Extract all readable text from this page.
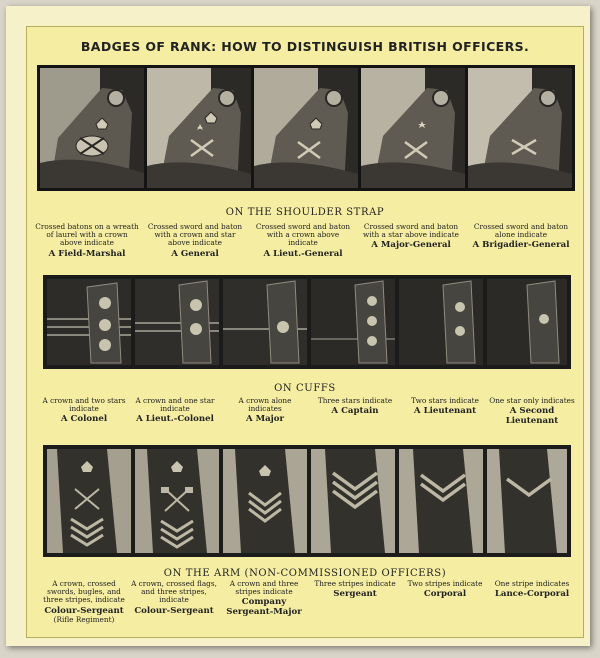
BADGES OF RANK: HOW TO DISTINGUISH BRITISH OFFICERS.
ON THE SHOULDER STRAP
Crossed batons on a wreath of laurel with a crown above indicate
A Field-Marshal
Crossed sword and baton with a crown and star above indicate
A General
Crossed sword and baton with a crown above indicate
A Lieut.-General
Crossed sword and baton with a star above indicate
A Major-General
Crossed sword and baton alone indicate
A Brigadier-General
ON CUFFS
A crown and two stars indicate
A Colonel
A crown and one star indicate
A Lieut.-Colonel
A crown alone indicates
A Major
Three stars indicate
A Captain
Two stars indicate
A Lieutenant
One star only indicates
A Second Lieutenant
ON THE ARM (NON-COMMISSIONED OFFICERS)
A crown, crossed swords, bugles, and three stripes, indicate
Colour-Sergeant
(Rifle Regiment)
A crown, crossed flags, and three stripes, indicate
Colour-Sergeant
A crown and three stripes indicate
Company Sergeant-Major
Three stripes indicate
Sergeant
Two stripes indicate
Corporal
One stripe indicates
Lance-Corporal
